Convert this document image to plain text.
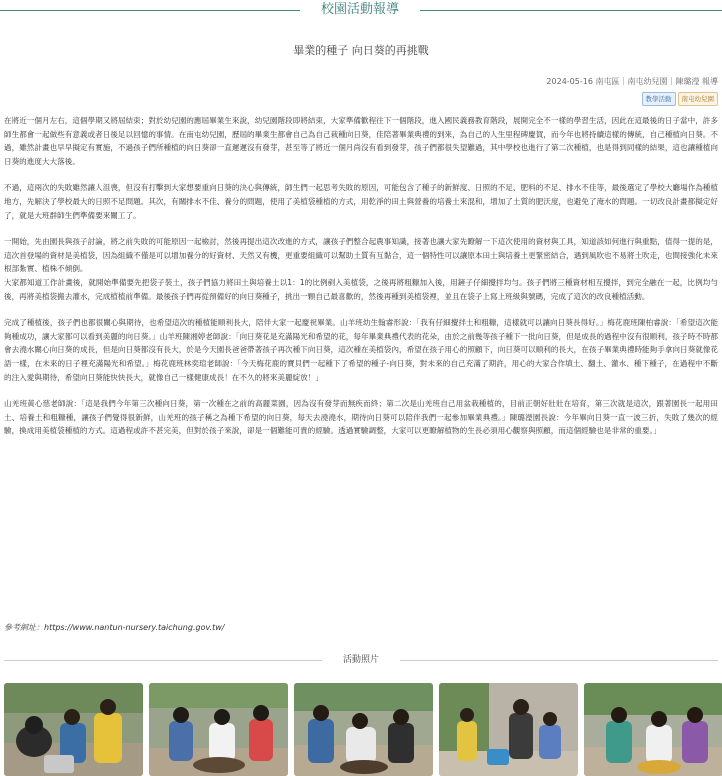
校園活動報導
畢業的種子 向日葵的再挑戰
2024-05-16 南屯區｜南屯幼兒園｜陳璐瀅 報導
教學活動	南屯幼兒園

在將近一個月左右，這個學期又將屆結束；對於幼兒園的應屆畢業生來說，幼兒園階段即將結束，大家準備歡程往下一個階段，進入國民義務教育階段，展開完全不一樣的學習生活，因此在這最後的日子當中，許多師生都會一起做些有意義或者日後足以回憶的事情。在南屯幼兒園，歷屆的畢業生都會自己為自己栽種向日葵，佳陪著畢業典禮的到來，為自己的人生里程碑慶賀，而今年也將持續這樣的傳統，自己種植向日葵。不過，雖然計畫也早早擬定有實施，不過孩子們所種植的向日葵卻一直遲遲沒有發芽，甚至等了將近一個月尚沒有看到發芽，孩子們都很失望難過，其中學校也進行了第二次種植，也是得到同樣的結果，這也讓種植向日葵的進度大大落後。

不過，這兩次的失敗雖然讓人沮喪，但沒有打擊到大家想要重向日葵的決心與傳統，師生們一起思考失敗的原因，可能包含了種子的新鮮度、日照的不足、肥料的不足、排水不佳等，最後選定了學校大廳場作為種植地方，先解決了學校最大的日照不足問題。其次，有關排水不佳、養分的問題，使用了美植袋種植的方式，用乾淨的田土與營養的培養土來混和，增加了土質的肥沃度，也避免了淹水的問題。一切改良計畫都擬定好了，就是大班群師生們準備要來關工了。

一開始，先由園長與孩子討論，將之前失敗的可能原因一起檢討，然後再提出這次改進的方式，讓孩子們整合起農事知識，接著也讓大家先瞭解一下這次使用的資材與工具，知道該如何進行與重點，值得一提的是，這次首登場的資材是美植袋，因為組織不僅是可以增加養分的好資材、天然又有機，更重要組織可以幫助土質有互黏合，這一個特性可以讓原本田土與培養土更緊密結合，遇到風吹也不易將土吹走，也間接強化未來根部紮實、植株不傾倒。
大家都知道工作計畫後，就開始準備要先把袋子裝土，孩子們協力將田土與培養土以1：1的比例剷入美植袋，之後再將粗糠加入後，用鏟子仔細攪拌均勻。孩子們將三種資材相互攪拌，到完全融在一起，比例均勻後，再將美植袋搬去灌水，完成植植前準備。最後孩子們再從預備好的向日葵種子，挑出一顆自己最喜歡的，然後再種到美植袋裡，並且在袋子上寫上班級與號碼，完成了這次的改良種植活動。

完成了種植後，孩子們也都很關心與期待，也希望這次的種植能順利長大，陪伴大家一起慶祝畢業。山羊班幼生翰睿形說：「我有仔細攪拌土和粗糠，這樣就可以讓向日葵長得好。」梅花鹿班陳柏睿說：「希望這次能夠種成功，讓大家都可以看到美麗的向日葵。」山羊班陳湘婷老師說：「向日葵花是充滿陽光和希望的花，每年畢業典禮代表的花朵，由於之前幾等孩子種下一批向日葵，但是成長的過程中沒有很順利，孩子時不時都會去澆水關心向日葵的成長，但是向日葵都沒有長大，於是今天園長爸爸帶著孩子再次種下向日葵，這次種在美植袋內，希望在孩子用心的照顧下，向日葵可以順利的長大，在孩子畢業典禮時能夠手拿向日葵就像花語一樣，在未來的日子裡充滿陽光和希望。」梅花鹿班林奕瑄老師說：「今天梅花鹿的寶貝們一起種下了希望的種子-向日葵，對未來的自己充滿了期許，用心的大家合作填土、翻土、灌水、種下種子，在過程中不斷的注入愛與期待，希望向日葵能快快長大，就像自己一樣健康成長！在不久的將來美麗綻放！」

山羌班黃心慈老師說：「這是我們今年第三次種向日葵，第一次種在之前的高麗菜園，因為沒有發芽而無疾而終；第二次是山羌班自己用盆栽種植的，目前正朝好壯壯在培育，第三次就是這次，跟著園長一起用田土、培養土和粗糠種，讓孩子們覺得很新鮮，山羌班的孩子稱之為種下希望的向日葵，每天去澆澆水，期待向日葵可以陪伴我們一起參加畢業典禮。」陳璐瀅園長說：今年畢向日葵一直一波三折，失敗了幾次的經驗，換成用美植袋種植的方式。這過程或許不甚完美，但對於孩子來說，卻是一個難能可貴的經驗。透過實驗調整，大家可以更瞭解植物的生長必須用心觀察與照顧，而這個經驗也是非常的重要。」

參考網址：https://www.nantun-nursery.taichung.gov.tw/
活動照片
